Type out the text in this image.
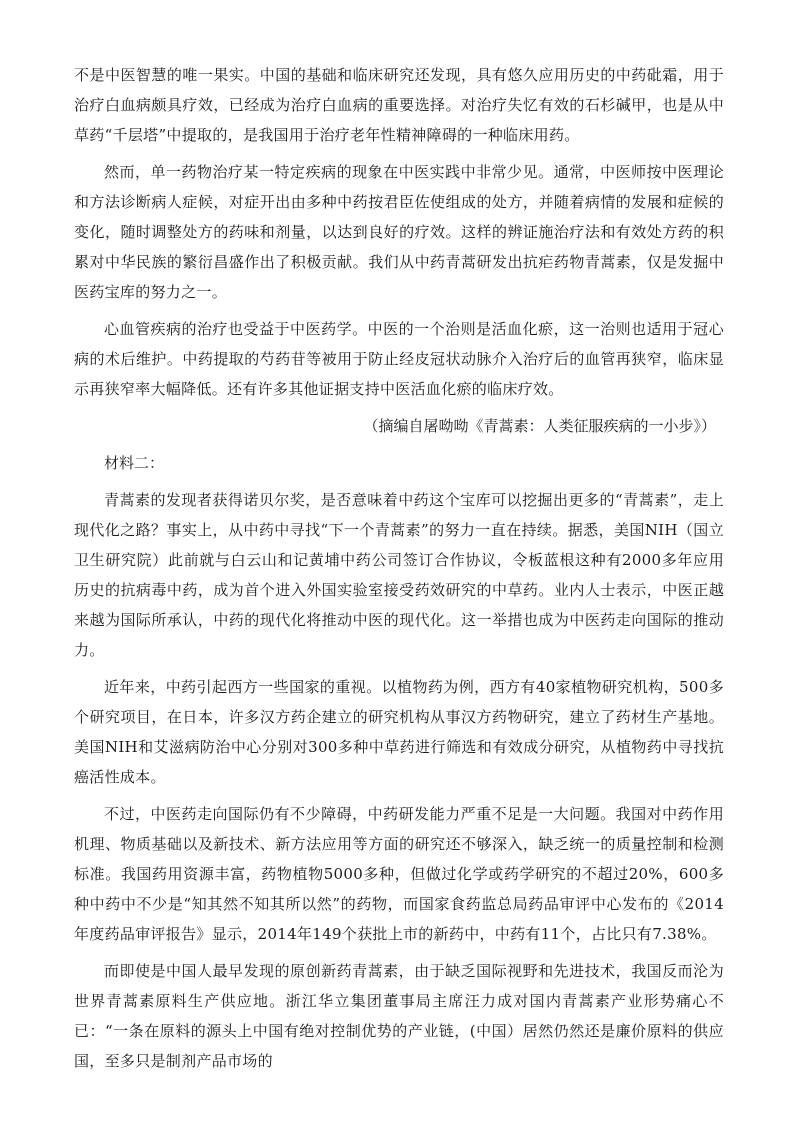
不是中医智慧的唯一果实。中国的基础和临床研究还发现，具有悠久应用历史的中药砒霜，用于治疗白血病颇具疗效，已经成为治疗白血病的重要选择。对治疗失忆有效的石杉碱甲，也是从中草药“千层塔”中提取的，是我国用于治疗老年性精神障碍的一种临床用药。

然而，单一药物治疗某一特定疾病的现象在中医实践中非常少见。通常，中医师按中医理论和方法诊断病人症候，对症开出由多种中药按君臣佐使组成的处方，并随着病情的发展和症候的变化，随时调整处方的药味和剂量，以达到良好的疗效。这样的辨证施治疗法和有效处方药的积累对中华民族的繁衍昌盛作出了积极贡献。我们从中药青蒿研发出抗疟药物青蒿素，仅是发掘中医药宝库的努力之一。

心血管疾病的治疗也受益于中医药学。中医的一个治则是活血化瘀，这一治则也适用于冠心病的术后维护。中药提取的芍药苷等被用于防止经皮冠状动脉介入治疗后的血管再狭窄，临床显示再狭窄率大幅降低。还有许多其他证据支持中医活血化瘀的临床疗效。

（摘编自屠呦呦《青蒿素：人类征服疾病的一小步》）

材料二：

青蒿素的发现者获得诺贝尔奖，是否意味着中药这个宝库可以挖掘出更多的“青蒿素”，走上现代化之路？事实上，从中药中寻找“下一个青蒿素”的努力一直在持续。据悉，美国NIH（国立卫生研究院）此前就与白云山和记黄埔中药公司签订合作协议，令板蓝根这种有2000多年应用历史的抗病毒中药，成为首个进入外国实验室接受药效研究的中草药。业内人士表示，中医正越来越为国际所承认，中药的现代化将推动中医的现代化。这一举措也成为中医药走向国际的推动力。

近年来，中药引起西方一些国家的重视。以植物药为例，西方有40家植物研究机构，500多个研究项目，在日本，许多汉方药企建立的研究机构从事汉方药物研究，建立了药材生产基地。美国NIH和艾滋病防治中心分别对300多种中草药进行筛选和有效成分研究，从植物药中寻找抗癌活性成本。

不过，中医药走向国际仍有不少障碍，中药研发能力严重不足是一大问题。我国对中药作用机理、物质基础以及新技术、新方法应用等方面的研究还不够深入，缺乏统一的质量控制和检测标准。我国药用资源丰富，药物植物5000多种，但做过化学或药学研究的不超过20%，600多种中药中不少是“知其然不知其所以然”的药物，而国家食药监总局药品审评中心发布的《2014年度药品审评报告》显示，2014年149个获批上市的新药中，中药有11个，占比只有7.38%。

而即使是中国人最早发现的原创新药青蒿素，由于缺乏国际视野和先进技术，我国反而沦为世界青蒿素原料生产供应地。浙江华立集团董事局主席汪力成对国内青蒿素产业形势痛心不已：“一条在原料的源头上中国有绝对控制优势的产业链，(中国）居然仍然还是廉价原料的供应国，至多只是制剂产品市场的
